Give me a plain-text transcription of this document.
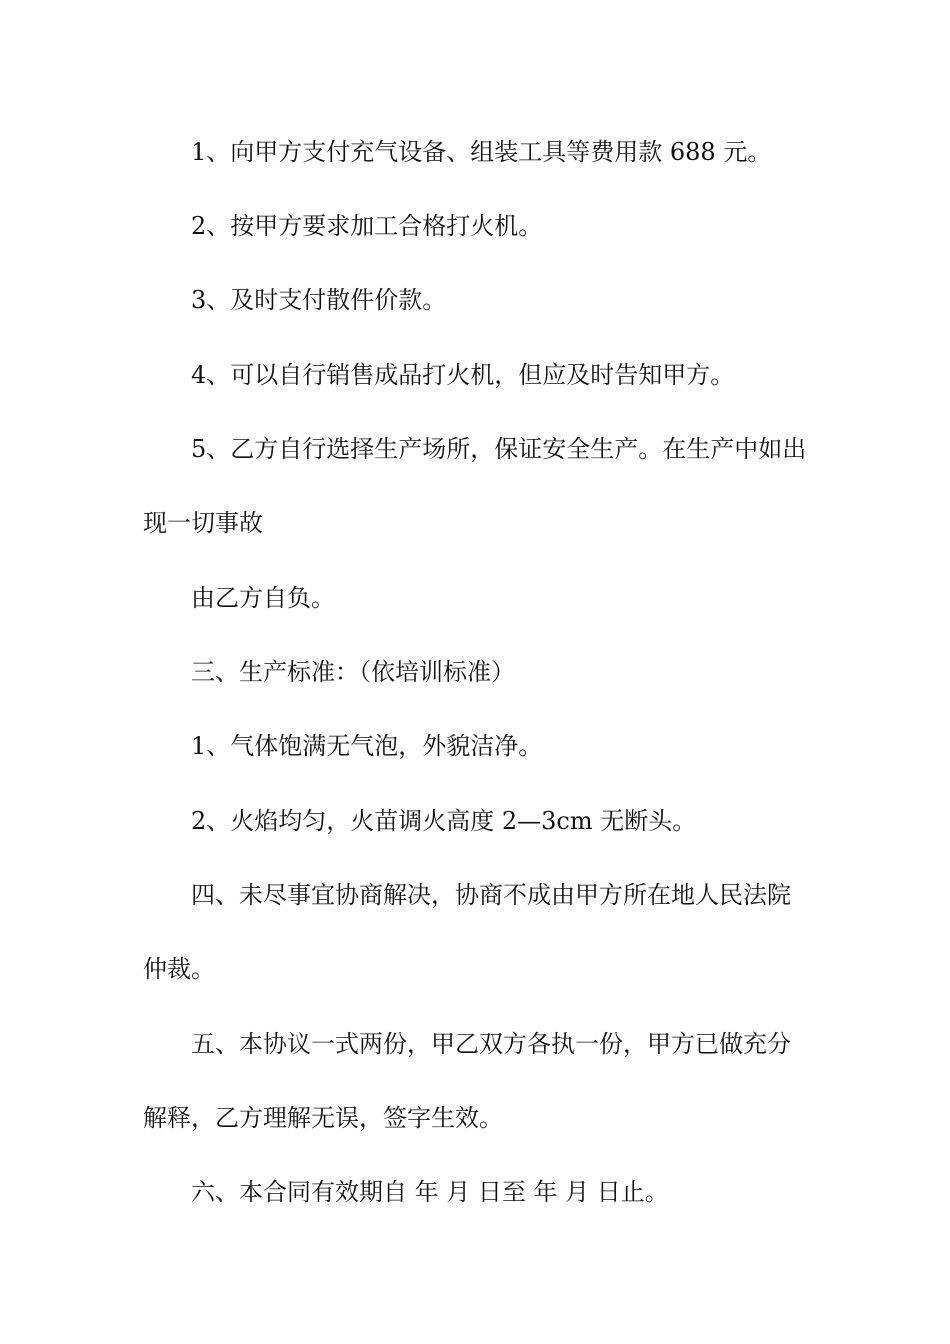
1、向甲方支付充气设备、组装工具等费用款 688 元。
2、按甲方要求加工合格打火机。
3、及时支付散件价款。
4、可以自行销售成品打火机，但应及时告知甲方。
5、乙方自行选择生产场所，保证安全生产。在生产中如出
现一切事故
由乙方自负。
三、生产标准：（依培训标准）
1、气体饱满无气泡，外貌洁净。
2、火焰均匀，火苗调火高度 2—3cm 无断头。
四、未尽事宜协商解决，协商不成由甲方所在地人民法院
仲裁。
五、本协议一式两份，甲乙双方各执一份，甲方已做充分
解释，乙方理解无误，签字生效。
六、本合同有效期自 年 月 日至 年 月 日止。
